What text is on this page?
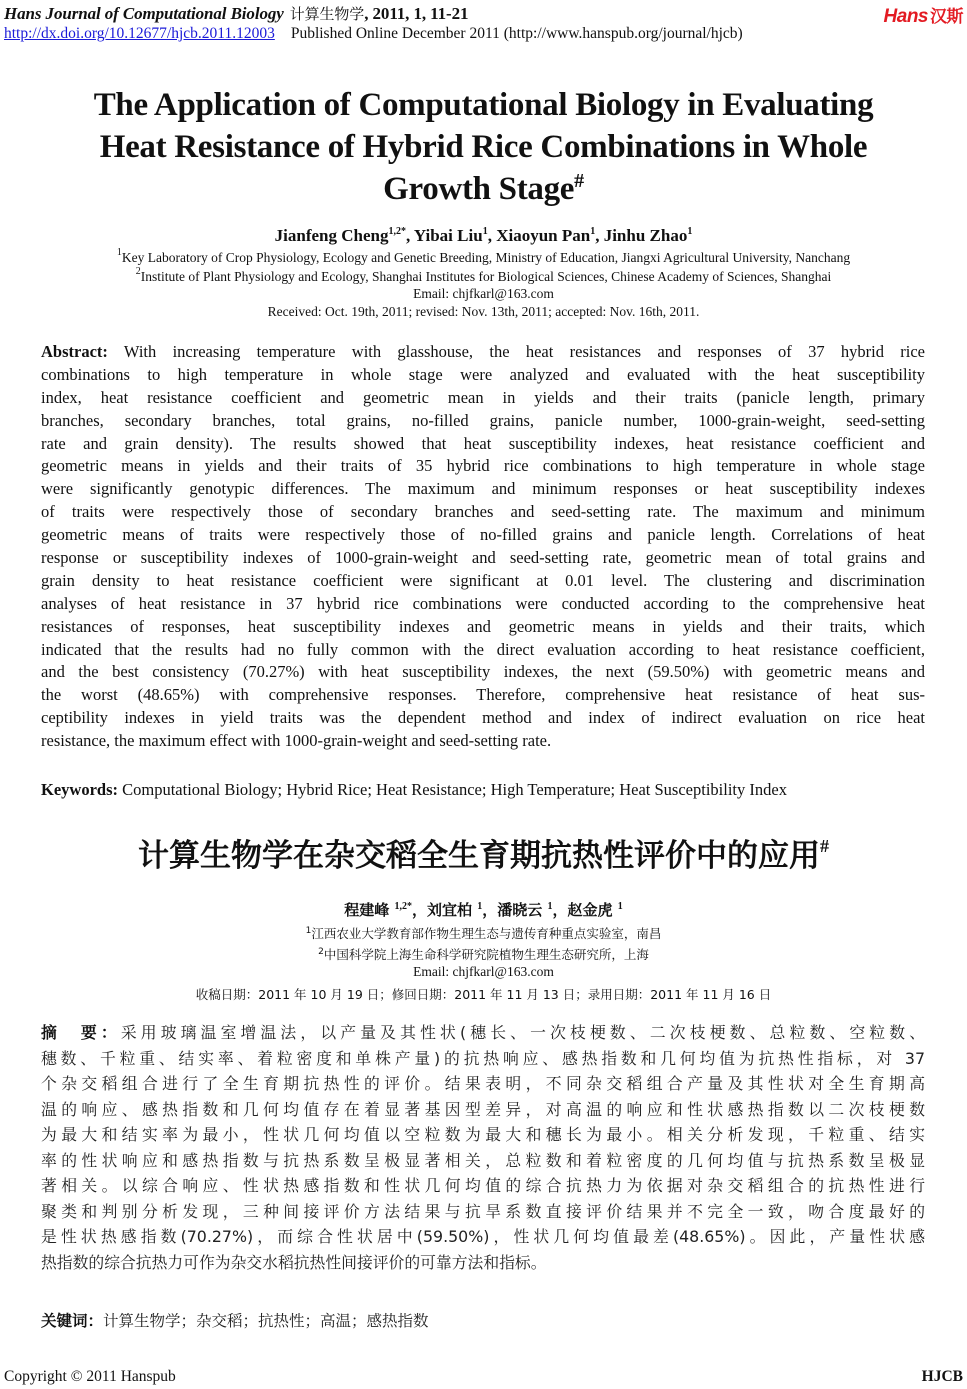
Hans Journal of Computational Biology 计算生物学, 2011, 1, 11-21	Hans 汉斯
http://dx.doi.org/10.12677/hjcb.2011.12003 Published Online December 2011 (http://www.hanspub.org/journal/hjcb)
The Application of Computational Biology in Evaluating
Heat Resistance of Hybrid Rice Combinations in Whole
Growth Stage#
Jianfeng Cheng$^{1,2*}$, Yibai Liu$^1$, Xiaoyun Pan$^1$, Jinhu Zhao$^1$
$^1$Key Laboratory of Crop Physiology, Ecology and Genetic Breeding, Ministry of Education, Jiangxi Agricultural University, Nanchang
$^2$Institute of Plant Physiology and Ecology, Shanghai Institutes for Biological Sciences, Chinese Academy of Sciences, Shanghai
Email: chjfkarl@163.com
Received: Oct. 19th, 2011; revised: Nov. 13th, 2011; accepted: Nov. 16th, 2011.
Abstract: With increasing temperature with glasshouse, the heat resistances and responses of 37 hybrid rice
combinations to high temperature in whole stage were analyzed and evaluated with the heat susceptibility
index, heat resistance coefficient and geometric mean in yields and their traits (panicle length, primary
branches, secondary branches, total grains, no-filled grains, panicle number, 1000-grain-weight, seed-setting
rate and grain density). The results showed that heat susceptibility indexes, heat resistance coefficient and
geometric means in yields and their traits of 35 hybrid rice combinations to high temperature in whole stage
were significantly genotypic differences. The maximum and minimum responses or heat susceptibility indexes
of traits were respectively those of secondary branches and seed-setting rate. The maximum and minimum
geometric means of traits were respectively those of no-filled grains and panicle length. Correlations of heat
response or susceptibility indexes of 1000-grain-weight and seed-setting rate, geometric mean of total grains and
grain density to heat resistance coefficient were significant at 0.01 level. The clustering and discrimination
analyses of heat resistance in 37 hybrid rice combinations were conducted according to the comprehensive heat
resistances of responses, heat susceptibility indexes and geometric means in yields and their traits, which
indicated that the results had no fully common with the direct evaluation according to heat resistance coefficient,
and the best consistency (70.27%) with heat susceptibility indexes, the next (59.50%) with geometric means and
the worst (48.65%) with comprehensive responses. Therefore, comprehensive heat resistance of heat sus-
ceptibility indexes in yield traits was the dependent method and index of indirect evaluation on rice heat
resistance, the maximum effect with 1000-grain-weight and seed-setting rate.
Keywords: Computational Biology; Hybrid Rice; Heat Resistance; High Temperature; Heat Susceptibility Index
计算生物学在杂交稻全生育期抗热性评价中的应用#
程建峰 $^{1,2*}$，刘宜柏 $^1$，潘晓云 $^1$，赵金虎 $^1$
$^1$江西农业大学教育部作物生理生态与遗传育种重点实验室，南昌
$^2$中国科学院上海生命科学研究院植物生理生态研究所，上海
Email: chjfkarl@163.com
收稿日期：2011 年 10 月 19 日；修回日期：2011 年 11 月 13 日；录用日期：2011 年 11 月 16 日
摘　要：采用玻璃温室增温法，以产量及其性状(穗长、一次枝梗数、二次枝梗数、总粒数、空粒数、
穗数、千粒重、结实率、着粒密度和单株产量)的抗热响应、感热指数和几何均值为抗热性指标，对 37
个杂交稻组合进行了全生育期抗热性的评价。结果表明，不同杂交稻组合产量及其性状对全生育期高
温的响应、感热指数和几何均值存在着显著基因型差异，对高温的响应和性状感热指数以二次枝梗数
为最大和结实率为最小，性状几何均值以空粒数为最大和穗长为最小。相关分析发现，千粒重、结实
率的性状响应和感热指数与抗热系数呈极显著相关，总粒数和着粒密度的几何均值与抗热系数呈极显
著相关。以综合响应、性状热感指数和性状几何均值的综合抗热力为依据对杂交稻组合的抗热性进行
聚类和判别分析发现，三种间接评价方法结果与抗旱系数直接评价结果并不完全一致，吻合度最好的
是性状热感指数(70.27%)，而综合性状居中(59.50%)，性状几何均值最差(48.65%)。因此，产量性状感
热指数的综合抗热力可作为杂交水稻抗热性间接评价的可靠方法和指标。
关键词：计算生物学；杂交稻；抗热性；高温；感热指数
Copyright © 2011 Hanspub	HJCB
